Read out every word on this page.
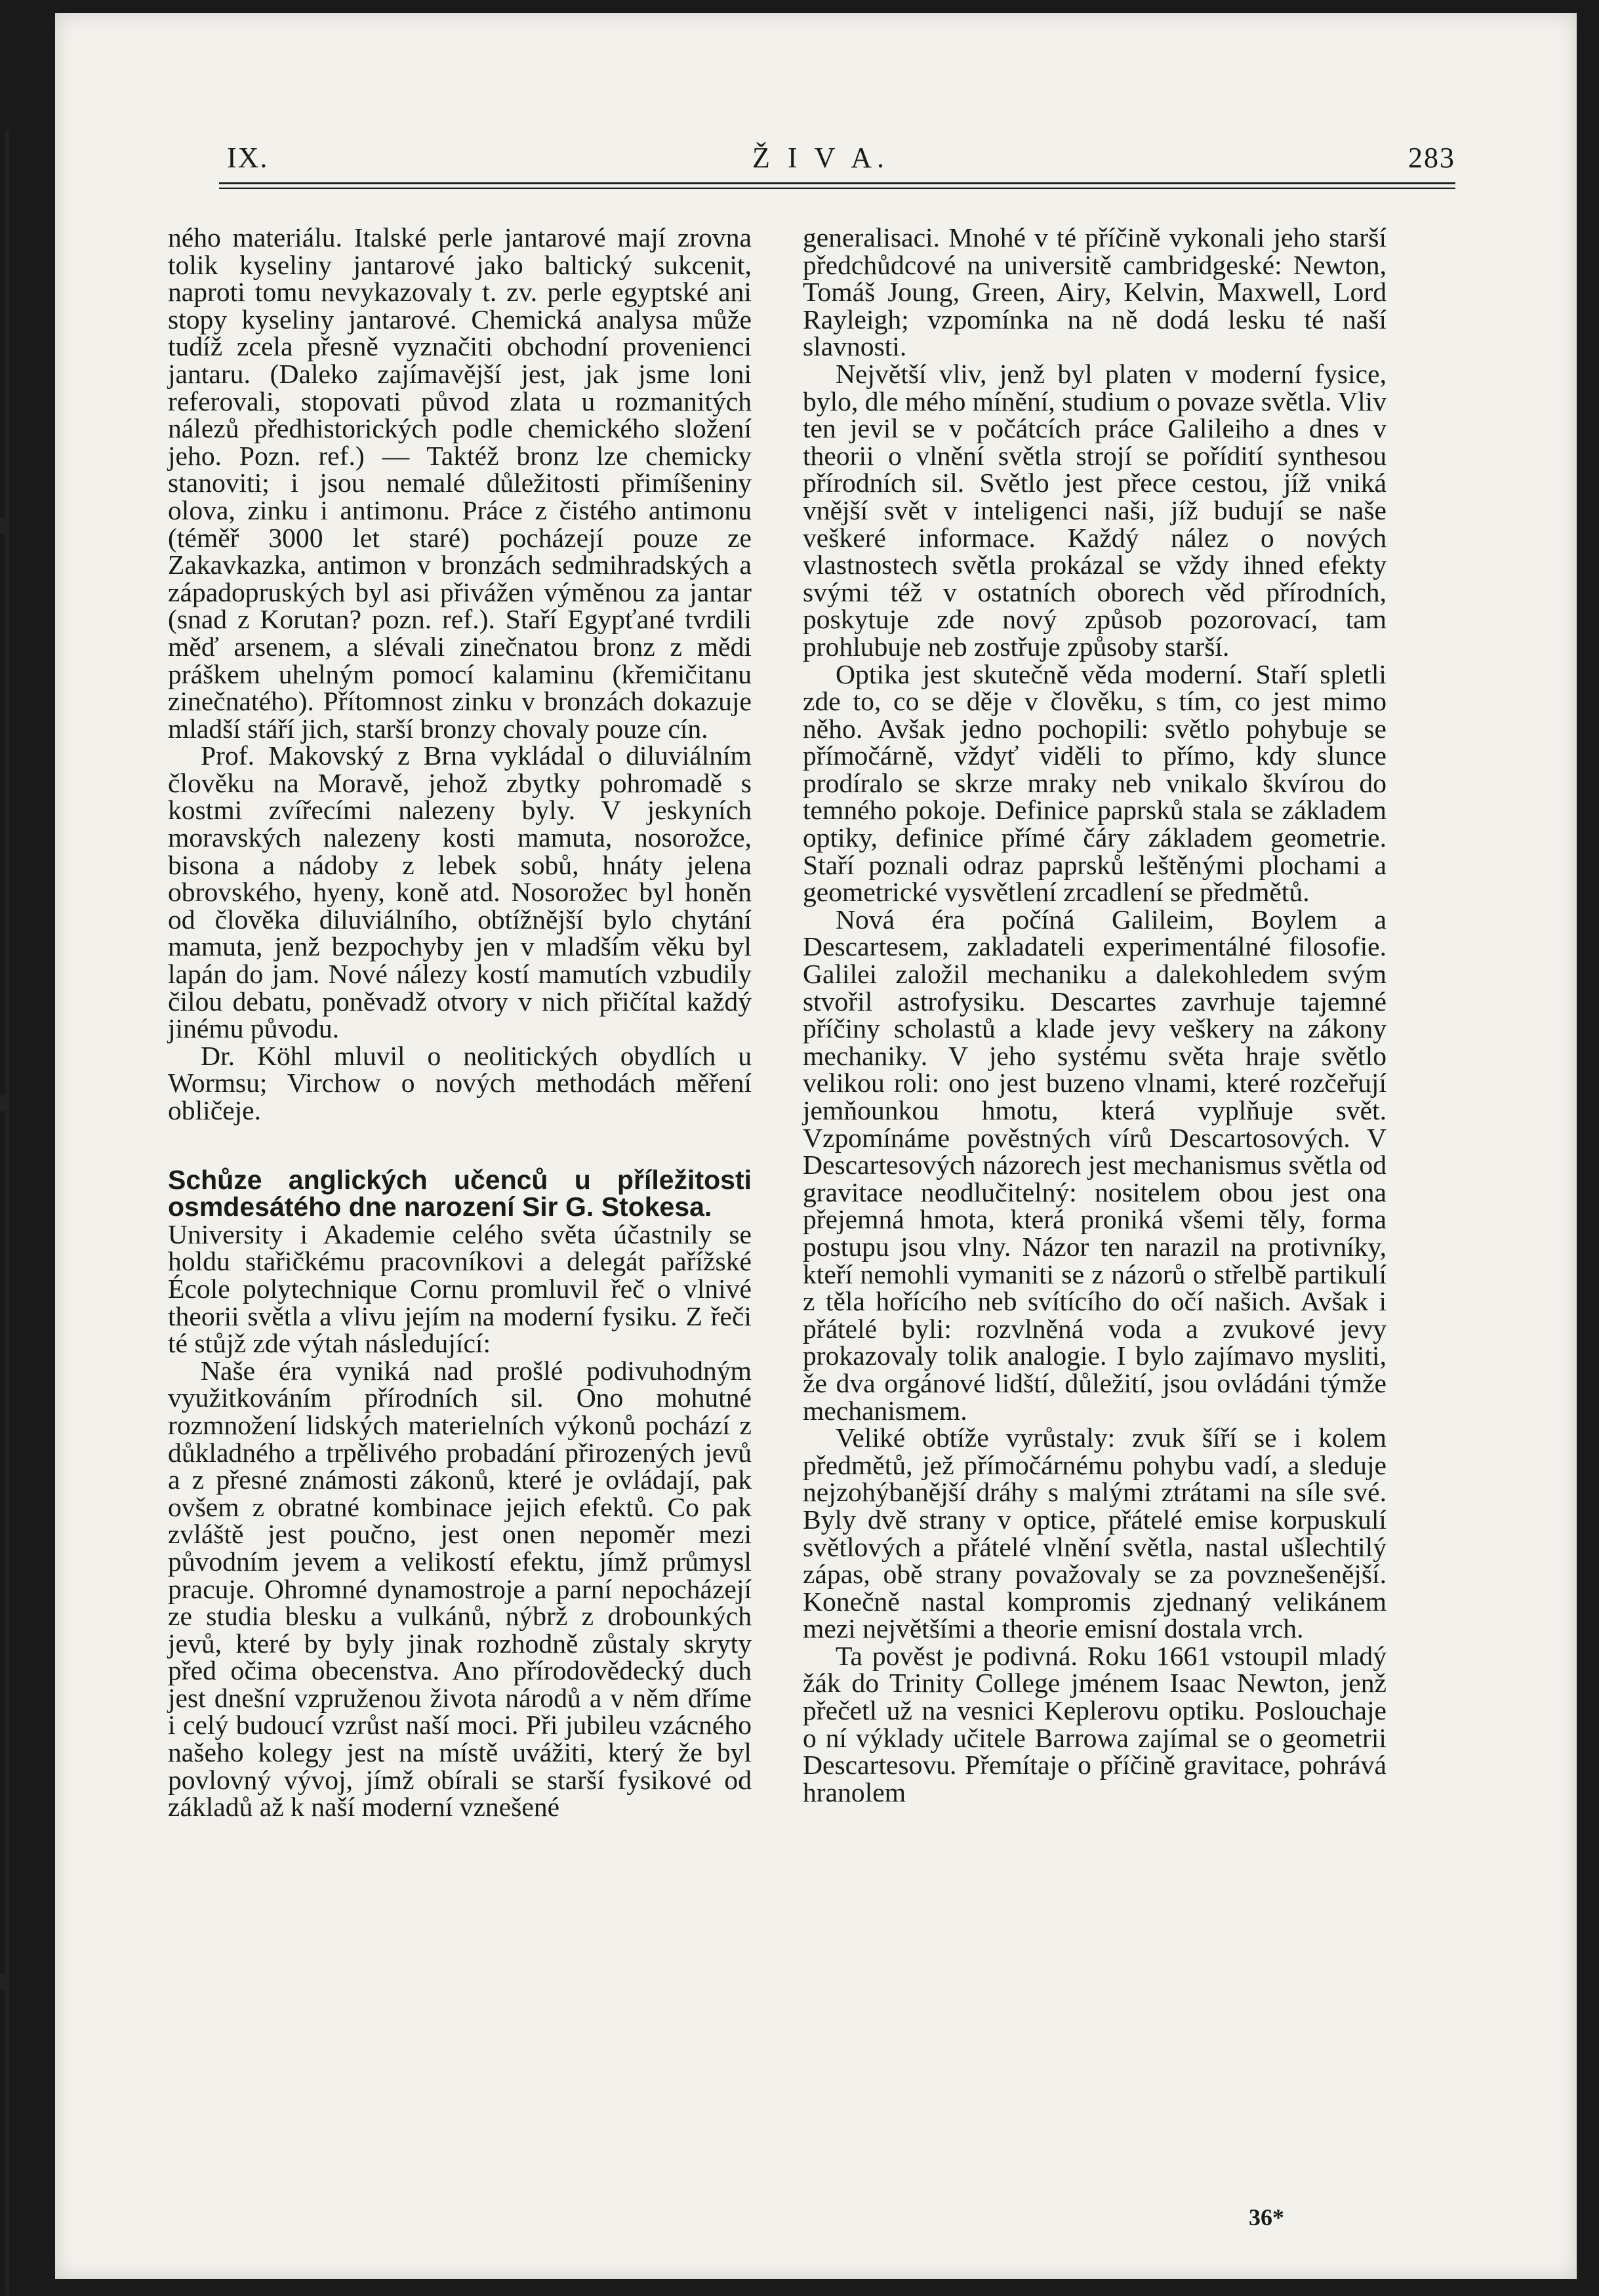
IX.	Ž I V A.	283

ného materiálu. Italské perle jantarové mají zrovna tolik kyseliny jantarové jako baltický sukcenit, naproti tomu nevykazovaly t. zv. perle egyptské ani stopy kyseliny jantarové. Chemická analysa může tudíž zcela přesně vyznačiti obchodní provenienci jantaru. (Daleko zajímavější jest, jak jsme loni referovali, stopovati původ zlata u rozmanitých nálezů předhistorických podle chemického složení jeho. Pozn. ref.) — Taktéž bronz lze chemicky stanoviti; i jsou nemalé důležitosti přimíšeniny olova, zinku i antimonu. Práce z čistého antimonu (téměř 3000 let staré) pocházejí pouze ze Zakavkazka, antimon v bronzách sedmihradských a západopruských byl asi přivážen výměnou za jantar (snad z Korutan? pozn. ref.). Staří Egypťané tvrdili měď arsenem, a slévali zinečnatou bronz z mědi práškem uhelným pomocí kalaminu (křemičitanu zinečnatého). Přítomnost zinku v bronzách dokazuje mladší stáří jich, starší bronzy chovaly pouze cín.

Prof. Makovský z Brna vykládal o diluviálním člověku na Moravě, jehož zbytky pohromadě s kostmi zvířecími nalezeny byly. V jeskyních moravských nalezeny kosti mamuta, nosorožce, bisona a nádoby z lebek sobů, hnáty jelena obrovského, hyeny, koně atd. Nosorožec byl honěn od člověka diluviálního, obtížnější bylo chytání mamuta, jenž bezpochyby jen v mladším věku byl lapán do jam. Nové nálezy kostí mamutích vzbudily čilou debatu, poněvadž otvory v nich přičítal každý jinému původu.

Dr. Köhl mluvil o neolitických obydlích u Wormsu; Virchow o nových methodách měření obličeje.

Schůze anglických učenců u příležitosti osmdesátého dne narození Sir G. Stokesa.

University i Akademie celého světa účastnily se holdu stařičkému pracovníkovi a delegát pařížské École polytechnique Cornu promluvil řeč o vlnivé theorii světla a vlivu jejím na moderní fysiku. Z řeči té stůjž zde výtah následující:

Naše éra vyniká nad prošlé podivuhodným využitkováním přírodních sil. Ono mohutné rozmnožení lidských materielních výkonů pochází z důkladného a trpělivého probadání přirozených jevů a z přesné známosti zákonů, které je ovládají, pak ovšem z obratné kombinace jejich efektů. Co pak zvláště jest poučno, jest onen nepoměr mezi původním jevem a velikostí efektu, jímž průmysl pracuje. Ohromné dynamostroje a parní nepocházejí ze studia blesku a vulkánů, nýbrž z drobounkých jevů, které by byly jinak rozhodně zůstaly skryty před očima obecenstva. Ano přírodovědecký duch jest dnešní vzpruženou života národů a v něm dříme i celý budoucí vzrůst naší moci. Při jubileu vzácného našeho kolegy jest na místě uvážiti, který že byl povlovný vývoj, jímž obírali se starší fysikové od základů až k naší moderní vznešené

generalisaci. Mnohé v té příčině vykonali jeho starší předchůdcové na universitě cambridgeské: Newton, Tomáš Joung, Green, Airy, Kelvin, Maxwell, Lord Rayleigh; vzpomínka na ně dodá lesku té naší slavnosti.

Největší vliv, jenž byl platen v moderní fysice, bylo, dle mého mínění, studium o povaze světla. Vliv ten jevil se v počátcích práce Galileiho a dnes v theorii o vlnění světla strojí se pořídití synthesou přírodních sil. Světlo jest přece cestou, jíž vniká vnější svět v inteligenci naši, jíž budují se naše veškeré informace. Každý nález o nových vlastnostech světla prokázal se vždy ihned efekty svými též v ostatních oborech věd přírodních, poskytuje zde nový způsob pozorovací, tam prohlubuje neb zostřuje způsoby starší.

Optika jest skutečně věda moderní. Staří spletli zde to, co se děje v člověku, s tím, co jest mimo něho. Avšak jedno pochopili: světlo pohybuje se přímočárně, vždyť viděli to přímo, kdy slunce prodíralo se skrze mraky neb vnikalo škvírou do temného pokoje. Definice paprsků stala se základem optiky, definice přímé čáry základem geometrie. Staří poznali odraz paprsků leštěnými plochami a geometrické vysvětlení zrcadlení se předmětů.

Nová éra počíná Galileim, Boylem a Descartesem, zakladateli experimentálné filosofie. Galilei založil mechaniku a dalekohledem svým stvořil astrofysiku. Descartes zavrhuje tajemné příčiny scholastů a klade jevy veškery na zákony mechaniky. V jeho systému světa hraje světlo velikou roli: ono jest buzeno vlnami, které rozčeřují jemňounkou hmotu, která vyplňuje svět. Vzpomínáme pověstných vírů Descartosových. V Descartesových názorech jest mechanismus světla od gravitace neodlučitelný: nositelem obou jest ona přejemná hmota, která proniká všemi těly, forma postupu jsou vlny. Názor ten narazil na protivníky, kteří nemohli vymaniti se z názorů o střelbě partikulí z těla hořícího neb svítícího do očí našich. Avšak i přátelé byli: rozvlněná voda a zvukové jevy prokazovaly tolik analogie. I bylo zajímavo mysliti, že dva orgánové lidští, důležití, jsou ovládáni týmže mechanismem.

Veliké obtíže vyrůstaly: zvuk šíří se i kolem předmětů, jež přímočárnému pohybu vadí, a sleduje nejzohýbanější dráhy s malými ztrátami na síle své. Byly dvě strany v optice, přátelé emise korpuskulí světlových a přátelé vlnění světla, nastal ušlechtilý zápas, obě strany považovaly se za povznešenější. Konečně nastal kompromis zjednaný velikánem mezi největšími a theorie emisní dostala vrch.

Ta pověst je podivná. Roku 1661 vstoupil mladý žák do Trinity College jménem Isaac Newton, jenž přečetl už na vesnici Keplerovu optiku. Poslouchaje o ní výklady učitele Barrowa zajímal se o geometrii Descartesovu. Přemítaje o příčině gravitace, pohrává hranolem

36*
